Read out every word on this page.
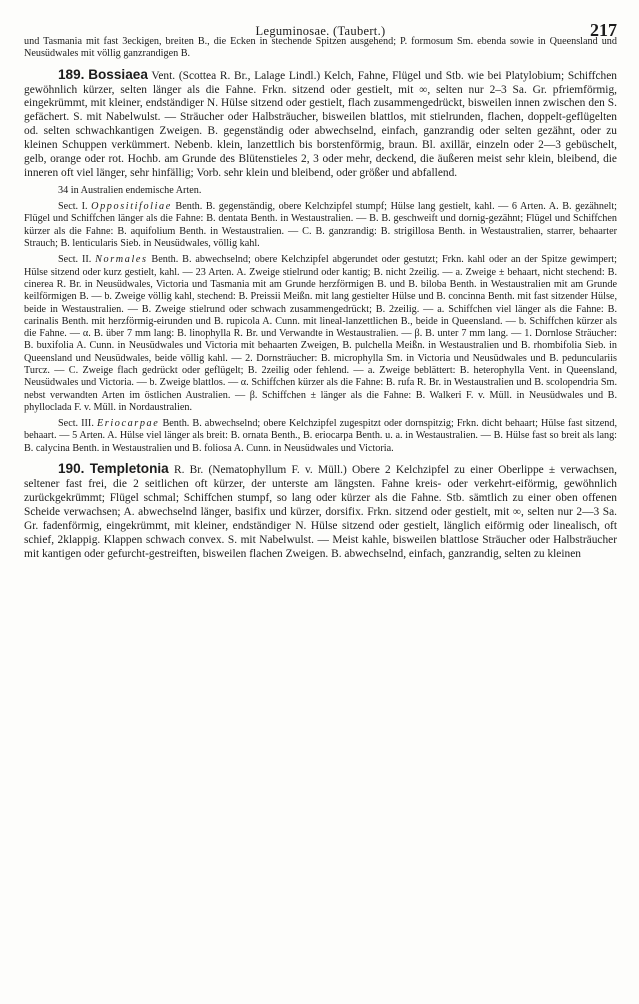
Leguminosae. (Taubert.)	217

und Tasmania mit fast 3eckigen, breiten B., die Ecken in stechende Spitzen ausgehend; P. formosum Sm. ebenda sowie in Queensland und Neusüdwales mit völlig ganzrandigen B.

189. Bossiaea Vent. (Scottea R. Br., Lalage Lindl.) Kelch, Fahne, Flügel und Stb. wie bei Platylobium; Schiffchen gewöhnlich kürzer, selten länger als die Fahne. Frkn. sitzend oder gestielt, mit ∞, selten nur 2–3 Sa. Gr. pfriemförmig, eingekrümmt, mit kleiner, endständiger N. Hülse sitzend oder gestielt, flach zusammengedrückt, bisweilen innen zwischen den S. gefächert. S. mit Nabelwulst. — Sträucher oder Halbsträucher, bisweilen blattlos, mit stielrunden, flachen, doppelt-geflügelten od. selten schwachkantigen Zweigen. B. gegenständig oder abwechselnd, einfach, ganzrandig oder selten gezähnt, oder zu kleinen Schuppen verkümmert. Nebenb. klein, lanzettlich bis borstenförmig, braun. Bl. axillär, einzeln oder 2—3 gebüschelt, gelb, orange oder rot. Hochb. am Grunde des Blütenstieles 2, 3 oder mehr, deckend, die äußeren meist sehr klein, bleibend, die inneren oft viel länger, sehr hinfällig; Vorb. sehr klein und bleibend, oder größer und abfallend.

34 in Australien endemische Arten.

Sect. I. Oppositifoliae Benth. B. gegenständig, obere Kelchzipfel stumpf; Hülse lang gestielt, kahl. — 6 Arten. A. B. gezähnelt; Flügel und Schiffchen länger als die Fahne: B. dentata Benth. in Westaustralien. — B. B. geschweift und dornig-gezähnt; Flügel und Schiffchen kürzer als die Fahne: B. aquifolium Benth. in Westaustralien. — C. B. ganzrandig: B. strigillosa Benth. in Westaustralien, starrer, behaarter Strauch; B. lenticularis Sieb. in Neusüdwales, völlig kahl.

Sect. II. Normales Benth. B. abwechselnd; obere Kelchzipfel abgerundet oder gestutzt; Frkn. kahl oder an der Spitze gewimpert; Hülse sitzend oder kurz gestielt, kahl. — 23 Arten. A. Zweige stielrund oder kantig; B. nicht 2zeilig. — a. Zweige ± behaart, nicht stechend: B. cinerea R. Br. in Neusüdwales, Victoria und Tasmania mit am Grunde herzförmigen B. und B. biloba Benth. in Westaustralien mit am Grunde keilförmigen B. — b. Zweige völlig kahl, stechend: B. Preissii Meißn. mit lang gestielter Hülse und B. concinna Benth. mit fast sitzender Hülse, beide in Westaustralien. — B. Zweige stielrund oder schwach zusammengedrückt; B. 2zeilig. — a. Schiffchen viel länger als die Fahne: B. carinalis Benth. mit herzförmig-eirunden und B. rupicola A. Cunn. mit lineal-lanzettlichen B., beide in Queensland. — b. Schiffchen kürzer als die Fahne. — α. B. über 7 mm lang: B. linophylla R. Br. und Verwandte in Westaustralien. — β. B. unter 7 mm lang. — 1. Dornlose Sträucher: B. buxifolia A. Cunn. in Neusüdwales und Victoria mit behaarten Zweigen, B. pulchella Meißn. in Westaustralien und B. rhombifolia Sieb. in Queensland und Neusüdwales, beide völlig kahl. — 2. Dornsträucher: B. microphylla Sm. in Victoria und Neusüdwales und B. pedunculariis Turcz. — C. Zweige flach gedrückt oder geflügelt; B. 2zeilig oder fehlend. — a. Zweige beblättert: B. heterophylla Vent. in Queensland, Neusüdwales und Victoria. — b. Zweige blattlos. — α. Schiffchen kürzer als die Fahne: B. rufa R. Br. in Westaustralien und B. scolopendria Sm. nebst verwandten Arten im östlichen Australien. — β. Schiffchen ± länger als die Fahne: B. Walkeri F. v. Müll. in Neusüdwales und B. phylloclada F. v. Müll. in Nordaustralien.

Sect. III. Eriocarpae Benth. B. abwechselnd; obere Kelchzipfel zugespitzt oder dornspitzig; Frkn. dicht behaart; Hülse fast sitzend, behaart. — 5 Arten. A. Hülse viel länger als breit: B. ornata Benth., B. eriocarpa Benth. u. a. in Westaustralien. — B. Hülse fast so breit als lang: B. calycina Benth. in Westaustralien und B. foliosa A. Cunn. in Neusüdwales und Victoria.

190. Templetonia R. Br. (Nematophyllum F. v. Müll.) Obere 2 Kelchzipfel zu einer Oberlippe ± verwachsen, seltener fast frei, die 2 seitlichen oft kürzer, der unterste am längsten. Fahne kreis- oder verkehrt-eiförmig, gewöhnlich zurückgekrümmt; Flügel schmal; Schiffchen stumpf, so lang oder kürzer als die Fahne. Stb. sämtlich zu einer oben offenen Scheide verwachsen; A. abwechselnd länger, basifix und kürzer, dorsifix. Frkn. sitzend oder gestielt, mit ∞, selten nur 2—3 Sa. Gr. fadenförmig, eingekrümmt, mit kleiner, endständiger N. Hülse sitzend oder gestielt, länglich eiförmig oder linealisch, oft schief, 2klappig. Klappen schwach convex. S. mit Nabelwulst. — Meist kahle, bisweilen blattlose Sträucher oder Halbsträucher mit kantigen oder gefurcht-gestreiften, bisweilen flachen Zweigen. B. abwechselnd, einfach, ganzrandig, selten zu kleinen
